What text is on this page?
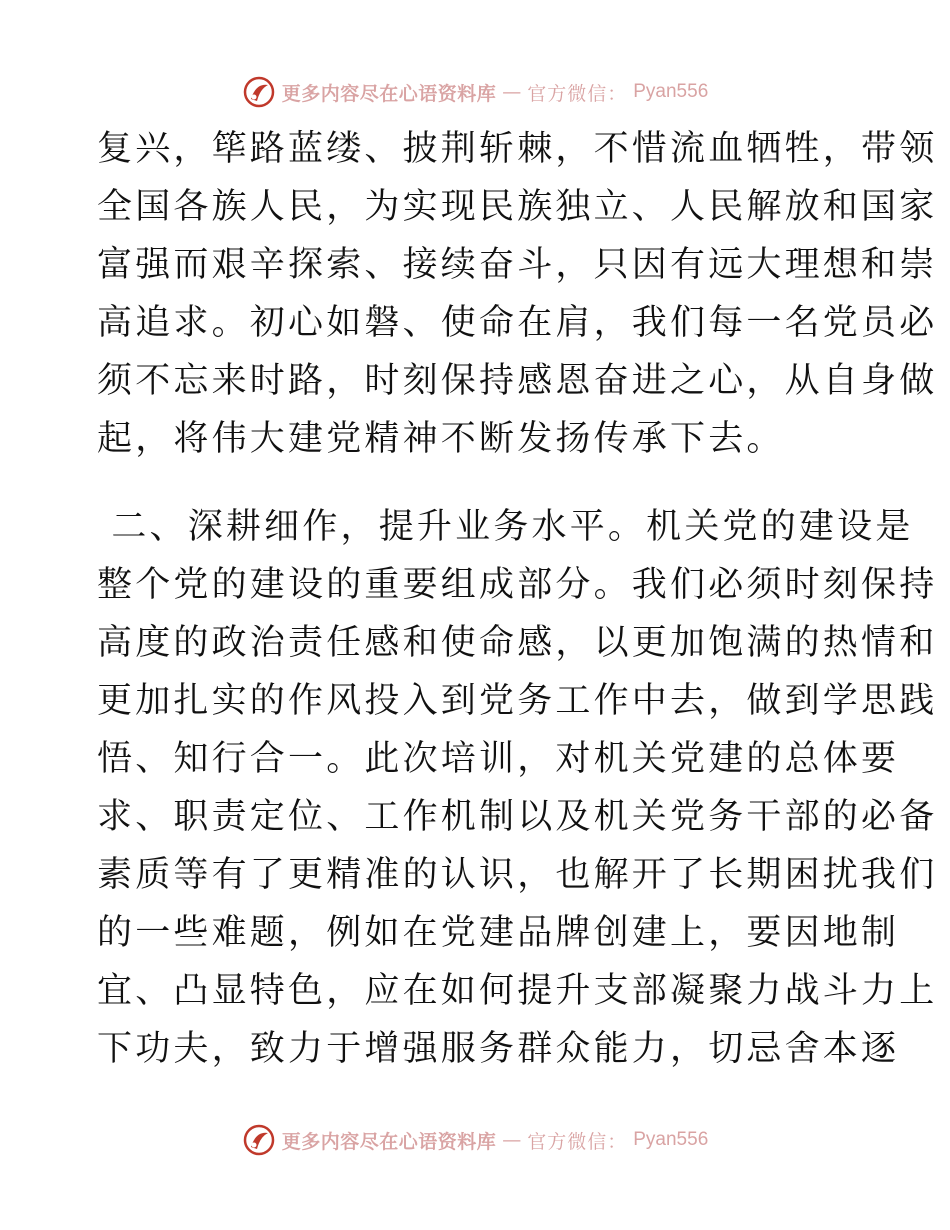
更多内容尽在心语资料库 — 官方微信： Pyan556
复兴，筚路蓝缕、披荆斩棘，不惜流血牺牲，带领
全国各族人民，为实现民族独立、人民解放和国家
富强而艰辛探索、接续奋斗，只因有远大理想和崇
高追求。初心如磐、使命在肩，我们每一名党员必
须不忘来时路，时刻保持感恩奋进之心，从自身做
起，将伟大建党精神不断发扬传承下去。
二、深耕细作，提升业务水平。机关党的建设是
整个党的建设的重要组成部分。我们必须时刻保持
高度的政治责任感和使命感，以更加饱满的热情和
更加扎实的作风投入到党务工作中去，做到学思践
悟、知行合一。此次培训，对机关党建的总体要
求、职责定位、工作机制以及机关党务干部的必备
素质等有了更精准的认识，也解开了长期困扰我们
的一些难题，例如在党建品牌创建上，要因地制
宜、凸显特色，应在如何提升支部凝聚力战斗力上
下功夫，致力于增强服务群众能力，切忌舍本逐
更多内容尽在心语资料库 — 官方微信： Pyan556
